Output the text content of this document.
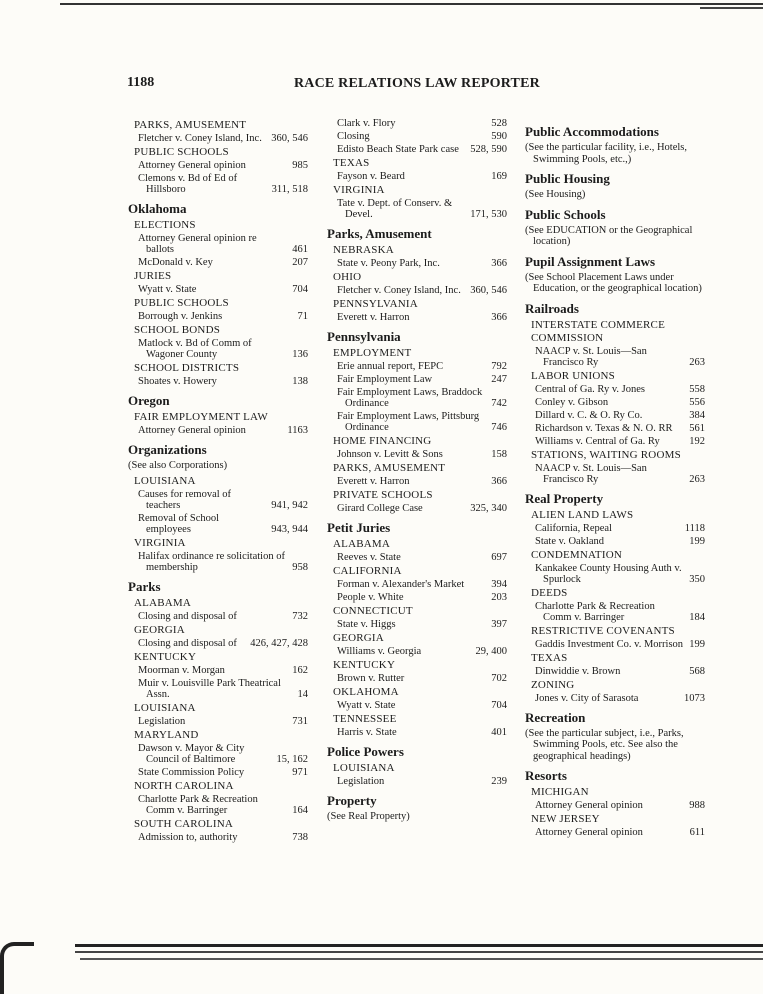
1188	RACE RELATIONS LAW REPORTER
PARKS, AMUSEMENT
Fletcher v. Coney Island, Inc. 360, 546
PUBLIC SCHOOLS
Attorney General opinion	985
Clemons v. Bd of Ed of Hillsboro	311, 518
Oklahoma
ELECTIONS
Attorney General opinion re ballots	461
McDonald v. Key	207
JURIES
Wyatt v. State	704
PUBLIC SCHOOLS
Borrough v. Jenkins	71
SCHOOL BONDS
Matlock v. Bd of Comm of Wagoner County	136
SCHOOL DISTRICTS
Shoates v. Howery	138
Oregon
FAIR EMPLOYMENT LAW
Attorney General opinion	1163
Organizations
(See also Corporations)
LOUISIANA
Causes for removal of teachers	941, 942
Removal of School employees	943, 944
VIRGINIA
Halifax ordinance re solicitation of membership	958
Parks
ALABAMA
Closing and disposal of	732
GEORGIA
Closing and disposal of	426, 427, 428
KENTUCKY
Moorman v. Morgan	162
Muir v. Louisville Park Theatrical Assn.	14
LOUISIANA
Legislation	731
MARYLAND
Dawson v. Mayor & City Council of Baltimore	15, 162
State Commission Policy	971
NORTH CAROLINA
Charlotte Park & Recreation Comm v. Barringer	164
SOUTH CAROLINA
Admission to, authority	738
Clark v. Flory	528
Closing	590
Edisto Beach State Park case	528, 590
TEXAS
Fayson v. Beard	169
VIRGINIA
Tate v. Dept. of Conserv. & Devel.	171, 530
Parks, Amusement
NEBRASKA
State v. Peony Park, Inc.	366
OHIO
Fletcher v. Coney Island, Inc. 360, 546
PENNSYLVANIA
Everett v. Harron	366
Pennsylvania
EMPLOYMENT
Erie annual report, FEPC	792
Fair Employment Law	247
Fair Employment Laws, Braddock Ordinance	742
Fair Employment Laws, Pittsburg Ordinance	746
HOME FINANCING
Johnson v. Levitt & Sons	158
PARKS, AMUSEMENT
Everett v. Harron	366
PRIVATE SCHOOLS
Girard College Case	325, 340
Petit Juries
ALABAMA
Reeves v. State	697
CALIFORNIA
Forman v. Alexander's Market	394
People v. White	203
CONNECTICUT
State v. Higgs	397
GEORGIA
Williams v. Georgia	29, 400
KENTUCKY
Brown v. Rutter	702
OKLAHOMA
Wyatt v. State	704
TENNESSEE
Harris v. State	401
Police Powers
LOUISIANA
Legislation	239
Property
(See Real Property)
Public Accommodations
(See the particular facility, i.e., Hotels, Swimming Pools, etc.,)
Public Housing
(See Housing)
Public Schools
(See EDUCATION or the Geographical location)
Pupil Assignment Laws
(See School Placement Laws under Education, or the geographical location)
Railroads
INTERSTATE COMMERCE COMMISSION
NAACP v. St. Louis—San Francisco Ry	263
LABOR UNIONS
Central of Ga. Ry v. Jones	558
Conley v. Gibson	556
Dillard v. C. & O. Ry Co.	384
Richardson v. Texas & N. O. RR	561
Williams v. Central of Ga. Ry	192
STATIONS, WAITING ROOMS
NAACP v. St. Louis—San Francisco Ry	263
Real Property
ALIEN LAND LAWS
California, Repeal	1118
State v. Oakland	199
CONDEMNATION
Kankakee County Housing Auth v. Spurlock	350
DEEDS
Charlotte Park & Recreation Comm v. Barringer	184
RESTRICTIVE COVENANTS
Gaddis Investment Co. v. Morrison 199
TEXAS
Dinwiddie v. Brown	568
ZONING
Jones v. City of Sarasota	1073
Recreation
(See the particular subject, i.e., Parks, Swimming Pools, etc. See also the geographical headings)
Resorts
MICHIGAN
Attorney General opinion	988
NEW JERSEY
Attorney General opinion	611
